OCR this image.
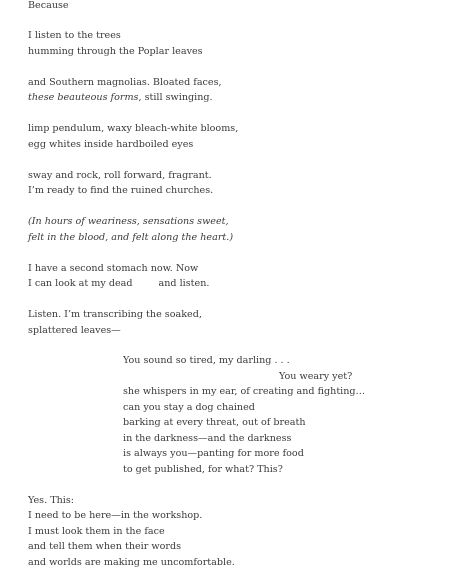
Because
I listen to the trees
humming through the Poplar leaves
and Southern magnolias. Bloated faces,
these beauteous forms, still swinging.
limp pendulum, waxy bleach-white blooms,
egg whites inside hardboiled eyes
sway and rock, roll forward, fragrant.
I’m ready to find the ruined churches.
(In hours of weariness, sensations sweet,
felt in the blood, and felt along the heart.)
I have a second stomach now. Now
I can look at my dead	and listen.
Listen. I’m transcribing the soaked,
splattered leaves—
You sound so tired, my darling . . .
You weary yet?
she whispers in my ear, of creating and fighting…
can you stay a dog chained
barking at every threat, out of breath
in the darkness—and the darkness
is always you—panting for more food
to get published, for what? This?
Yes. This:
I need to be here—in the workshop.
I must look them in the face
and tell them when their words
and worlds are making me uncomfortable.
